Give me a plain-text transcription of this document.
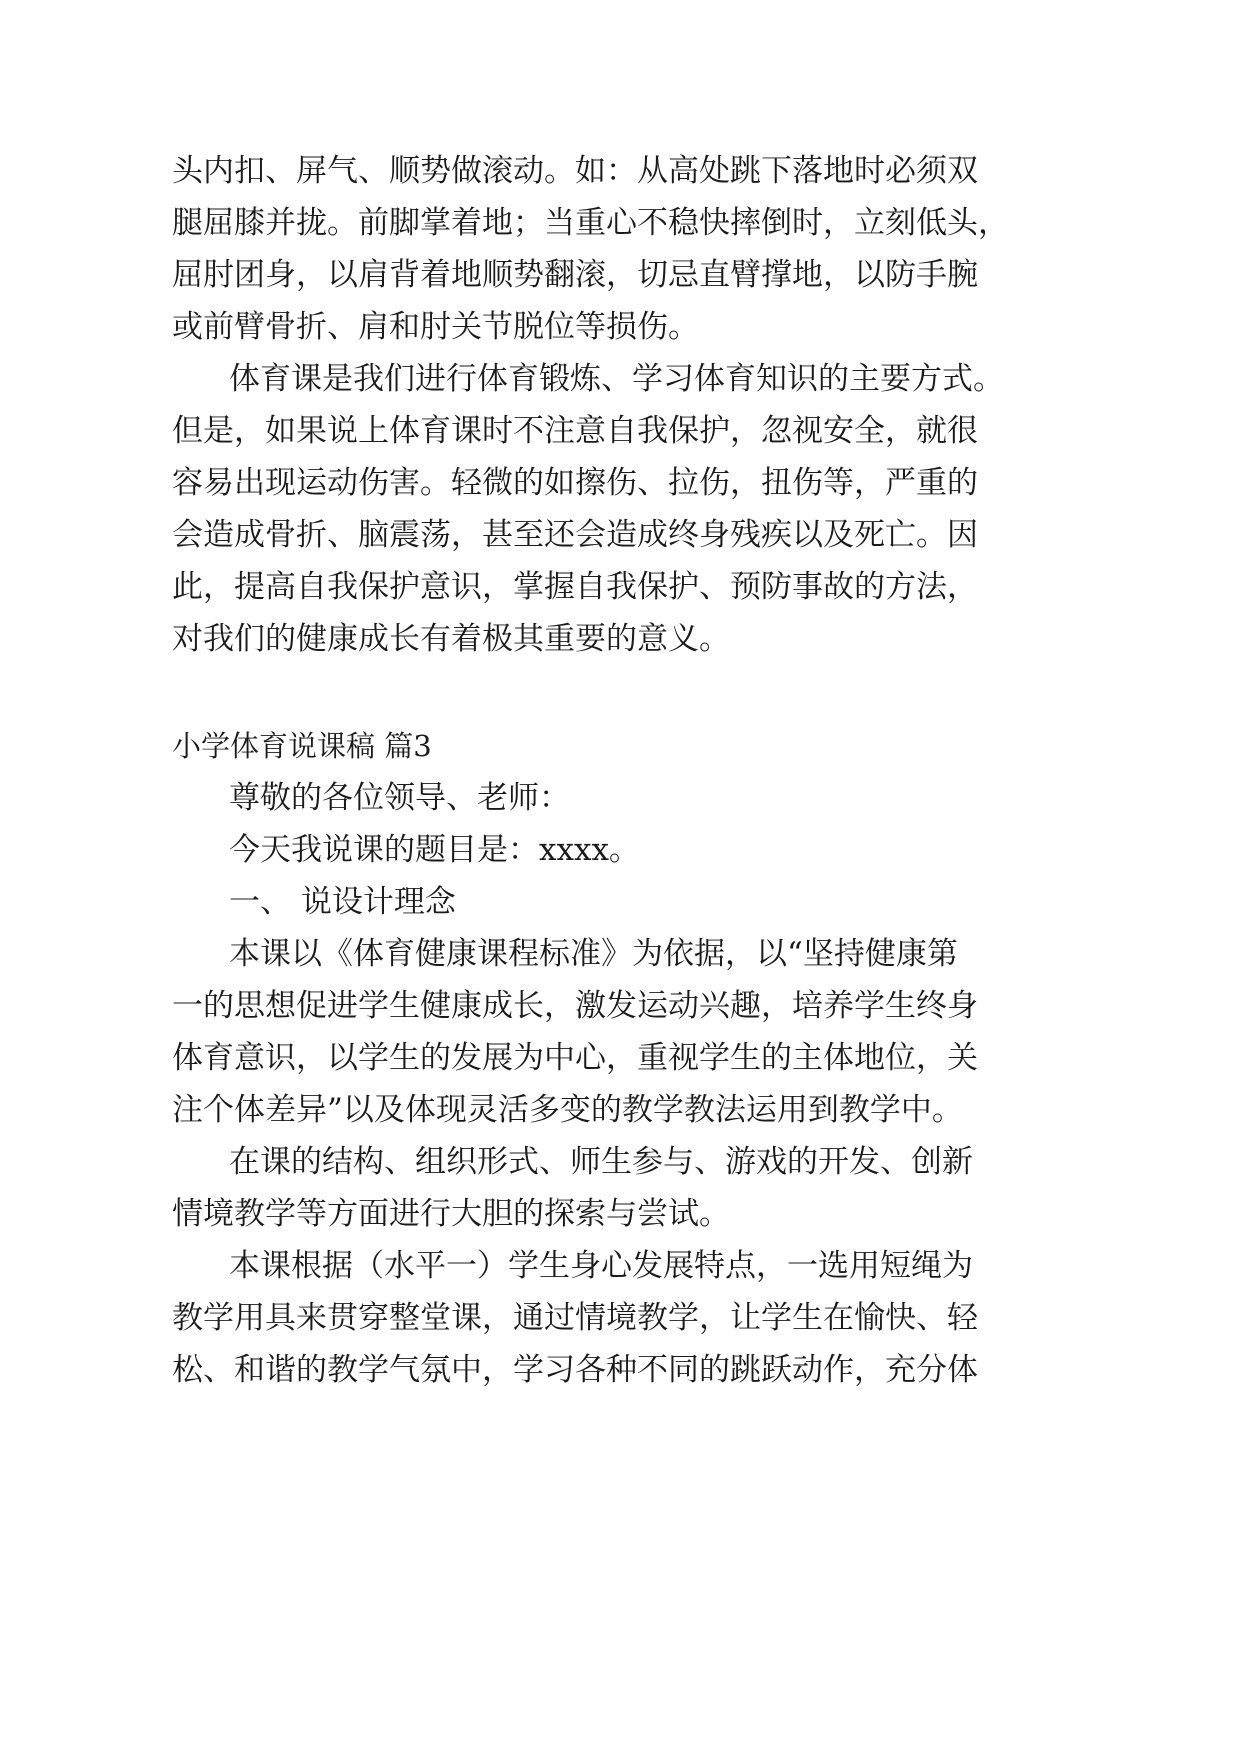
头内扣、屏气、顺势做滚动。如：从高处跳下落地时必须双
腿屈膝并拢。前脚掌着地；当重心不稳快摔倒时，立刻低头，
屈肘团身，以肩背着地顺势翻滚，切忌直臂撑地，以防手腕
或前臂骨折、肩和肘关节脱位等损伤。
体育课是我们进行体育锻炼、学习体育知识的主要方式。
但是，如果说上体育课时不注意自我保护，忽视安全，就很
容易出现运动伤害。轻微的如擦伤、拉伤，扭伤等，严重的
会造成骨折、脑震荡，甚至还会造成终身残疾以及死亡。因
此，提高自我保护意识，掌握自我保护、预防事故的方法，
对我们的健康成长有着极其重要的意义。
小学体育说课稿 篇3
尊敬的各位领导、老师：
今天我说课的题目是：xxxx。
一、 说设计理念
本课以《体育健康课程标准》为依据，以“坚持健康第
一的思想促进学生健康成长，激发运动兴趣，培养学生终身
体育意识，以学生的发展为中心，重视学生的主体地位，关
注个体差异”以及体现灵活多变的教学教法运用到教学中。
在课的结构、组织形式、师生参与、游戏的开发、创新
情境教学等方面进行大胆的探索与尝试。
本课根据（水平一）学生身心发展特点，一选用短绳为
教学用具来贯穿整堂课，通过情境教学，让学生在愉快、轻
松、和谐的教学气氛中，学习各种不同的跳跃动作，充分体
